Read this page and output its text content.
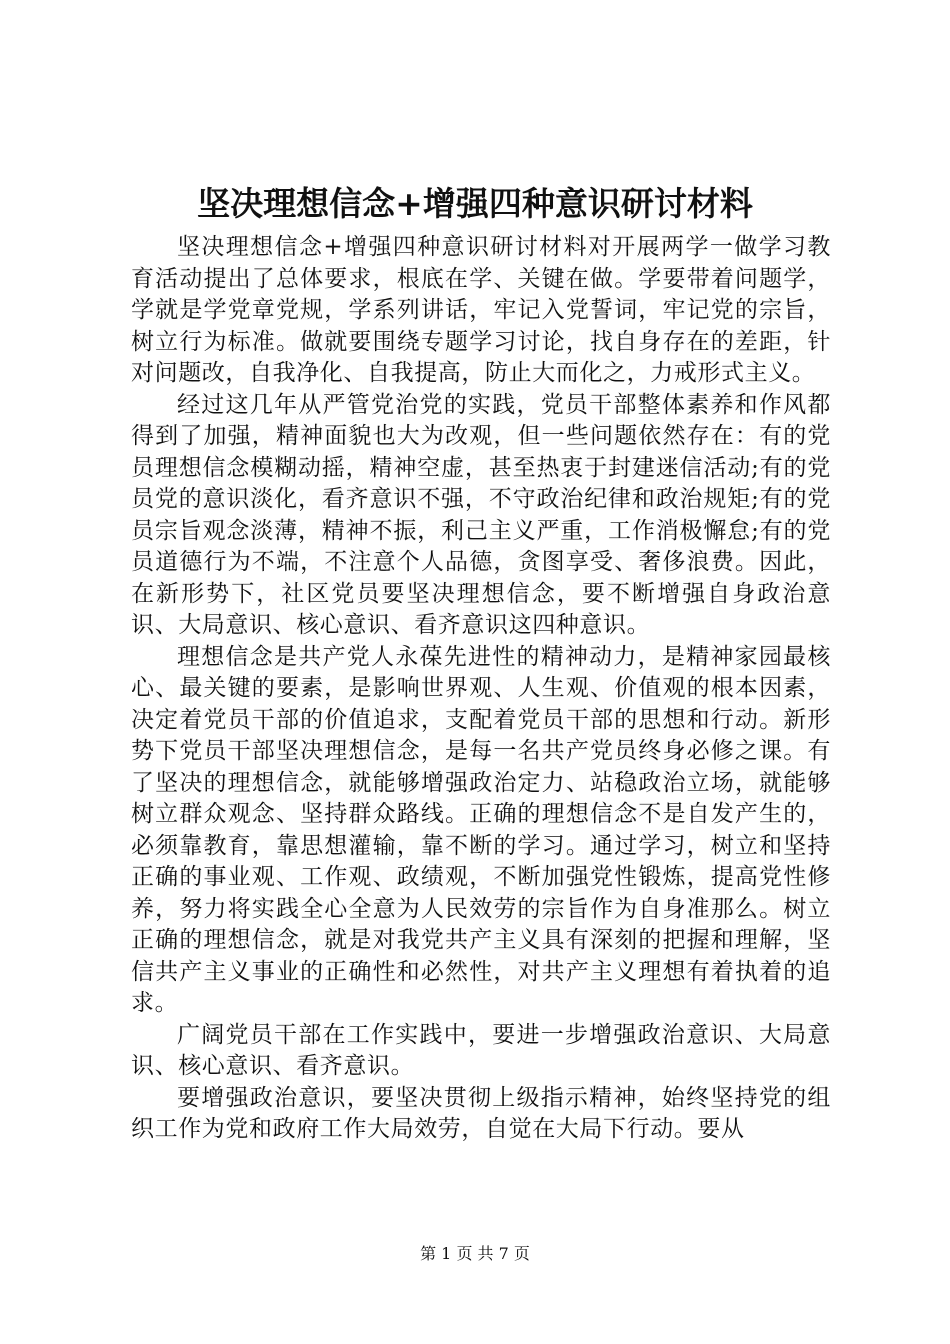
坚决理想信念+增强四种意识研讨材料

坚决理想信念+增强四种意识研讨材料对开展两学一做学习教育活动提出了总体要求，根底在学、关键在做。学要带着问题学，学就是学党章党规，学系列讲话，牢记入党誓词，牢记党的宗旨，树立行为标准。做就要围绕专题学习讨论，找自身存在的差距，针对问题改，自我净化、自我提高，防止大而化之，力戒形式主义。

经过这几年从严管党治党的实践，党员干部整体素养和作风都得到了加强，精神面貌也大为改观，但一些问题依然存在：有的党员理想信念模糊动摇，精神空虚，甚至热衷于封建迷信活动;有的党员党的意识淡化，看齐意识不强，不守政治纪律和政治规矩;有的党员宗旨观念淡薄，精神不振，利己主义严重，工作消极懈怠;有的党员道德行为不端，不注意个人品德，贪图享受、奢侈浪费。因此，在新形势下，社区党员要坚决理想信念，要不断增强自身政治意识、大局意识、核心意识、看齐意识这四种意识。

理想信念是共产党人永葆先进性的精神动力，是精神家园最核心、最关键的要素，是影响世界观、人生观、价值观的根本因素，决定着党员干部的价值追求，支配着党员干部的思想和行动。新形势下党员干部坚决理想信念，是每一名共产党员终身必修之课。有了坚决的理想信念，就能够增强政治定力、站稳政治立场，就能够树立群众观念、坚持群众路线。正确的理想信念不是自发产生的，必须靠教育，靠思想灌输，靠不断的学习。通过学习，树立和坚持正确的事业观、工作观、政绩观，不断加强党性锻炼，提高党性修养，努力将实践全心全意为人民效劳的宗旨作为自身准那么。树立正确的理想信念，就是对我党共产主义具有深刻的把握和理解，坚信共产主义事业的正确性和必然性，对共产主义理想有着执着的追求。

广阔党员干部在工作实践中，要进一步增强政治意识、大局意识、核心意识、看齐意识。

要增强政治意识，要坚决贯彻上级指示精神，始终坚持党的组织工作为党和政府工作大局效劳，自觉在大局下行动。要从

第 1 页 共 7 页
